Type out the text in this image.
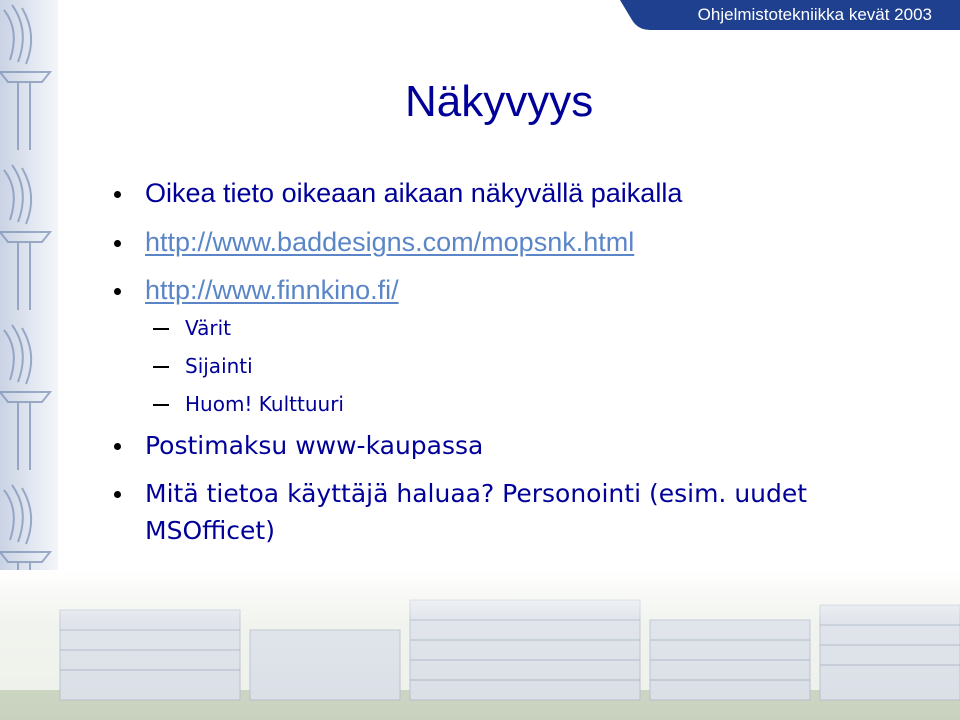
Ohjelmistotekniikka kevät 2003
Näkyvyys
Oikea tieto oikeaan aikaan näkyvällä paikalla
http://www.baddesigns.com/mopsnk.html
http://www.finnkino.fi/
Värit
Sijainti
Huom! Kulttuuri
Postimaksu www-kaupassa
Mitä tietoa käyttäjä haluaa? Personointi (esim. uudet
MSOfficet)
